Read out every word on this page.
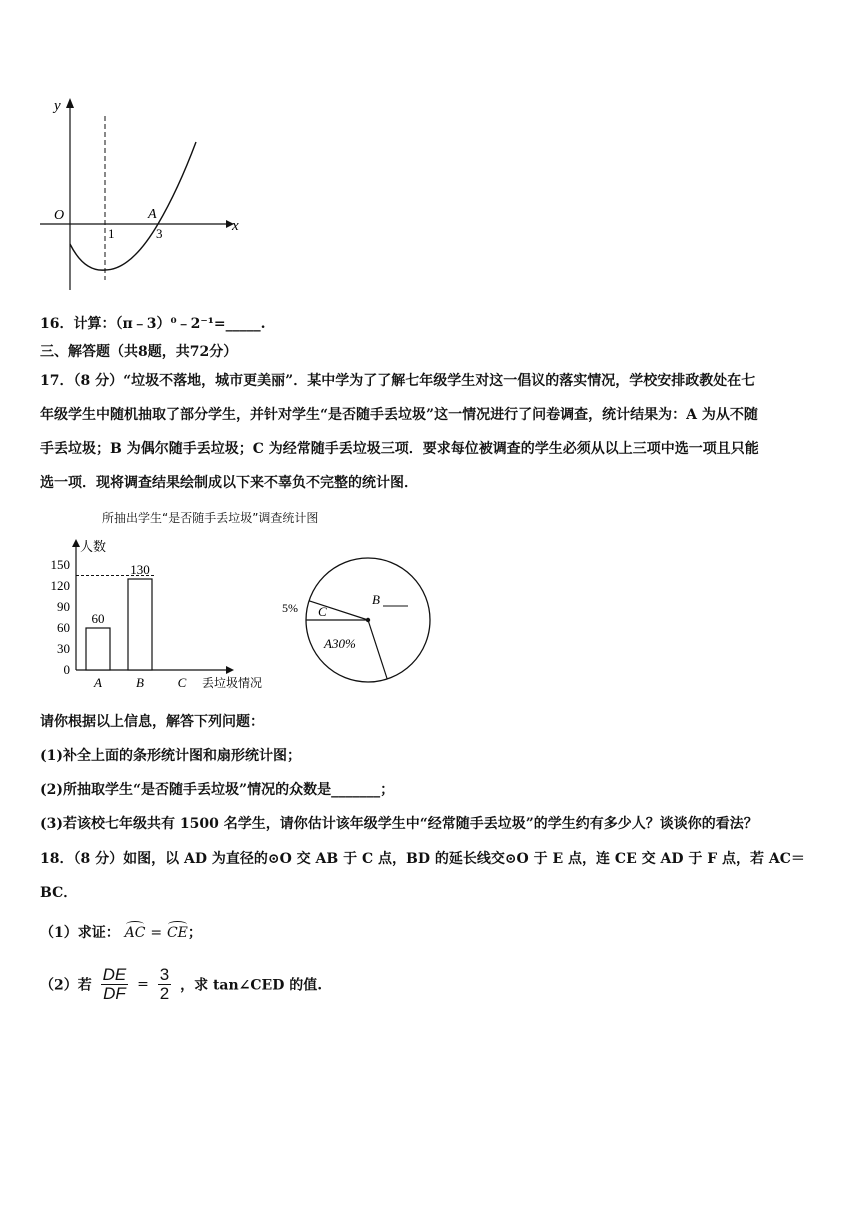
y
x
O	A
1	3
16．计算：（π﹣3）⁰﹣2⁻¹=_____.
三、解答题（共8题，共72分）
17．（8 分）“垃圾不落地，城市更美丽”．某中学为了了解七年级学生对这一倡议的落实情况，学校安排政教处在七
年级学生中随机抽取了部分学生，并针对学生“是否随手丢垃圾”这一情况进行了问卷调查，统计结果为：A 为从不随
手丢垃圾；B 为偶尔随手丢垃圾；C 为经常随手丢垃圾三项．要求每位被调查的学生必须从以上三项中选一项且只能
选一项．现将调查结果绘制成以下来不辜负不完整的统计图．
所抽出学生“是否随手丢垃圾”调查统计图
人数
丢垃圾情况
0
30
60
90
120
150
60
A
130
B	C
A30%
B
C
5%
请你根据以上信息，解答下列问题：
(1)补全上面的条形统计图和扇形统计图；
(2)所抽取学生“是否随手丢垃圾”情况的众数是_______；
(3)若该校七年级共有 1500 名学生，请你估计该年级学生中“经常随手丢垃圾”的学生约有多少人？谈谈你的看法？
18．（8 分）如图，以 AD 为直径的⊙O 交 AB 于 C 点，BD 的延长线交⊙O 于 E 点，连 CE 交 AD 于 F 点，若 AC＝
BC．
（1）求证： AC = CE；
（2）若 $\frac{DE}{DF} = \frac{3}{2}$ ，求 tan∠CED 的值.
